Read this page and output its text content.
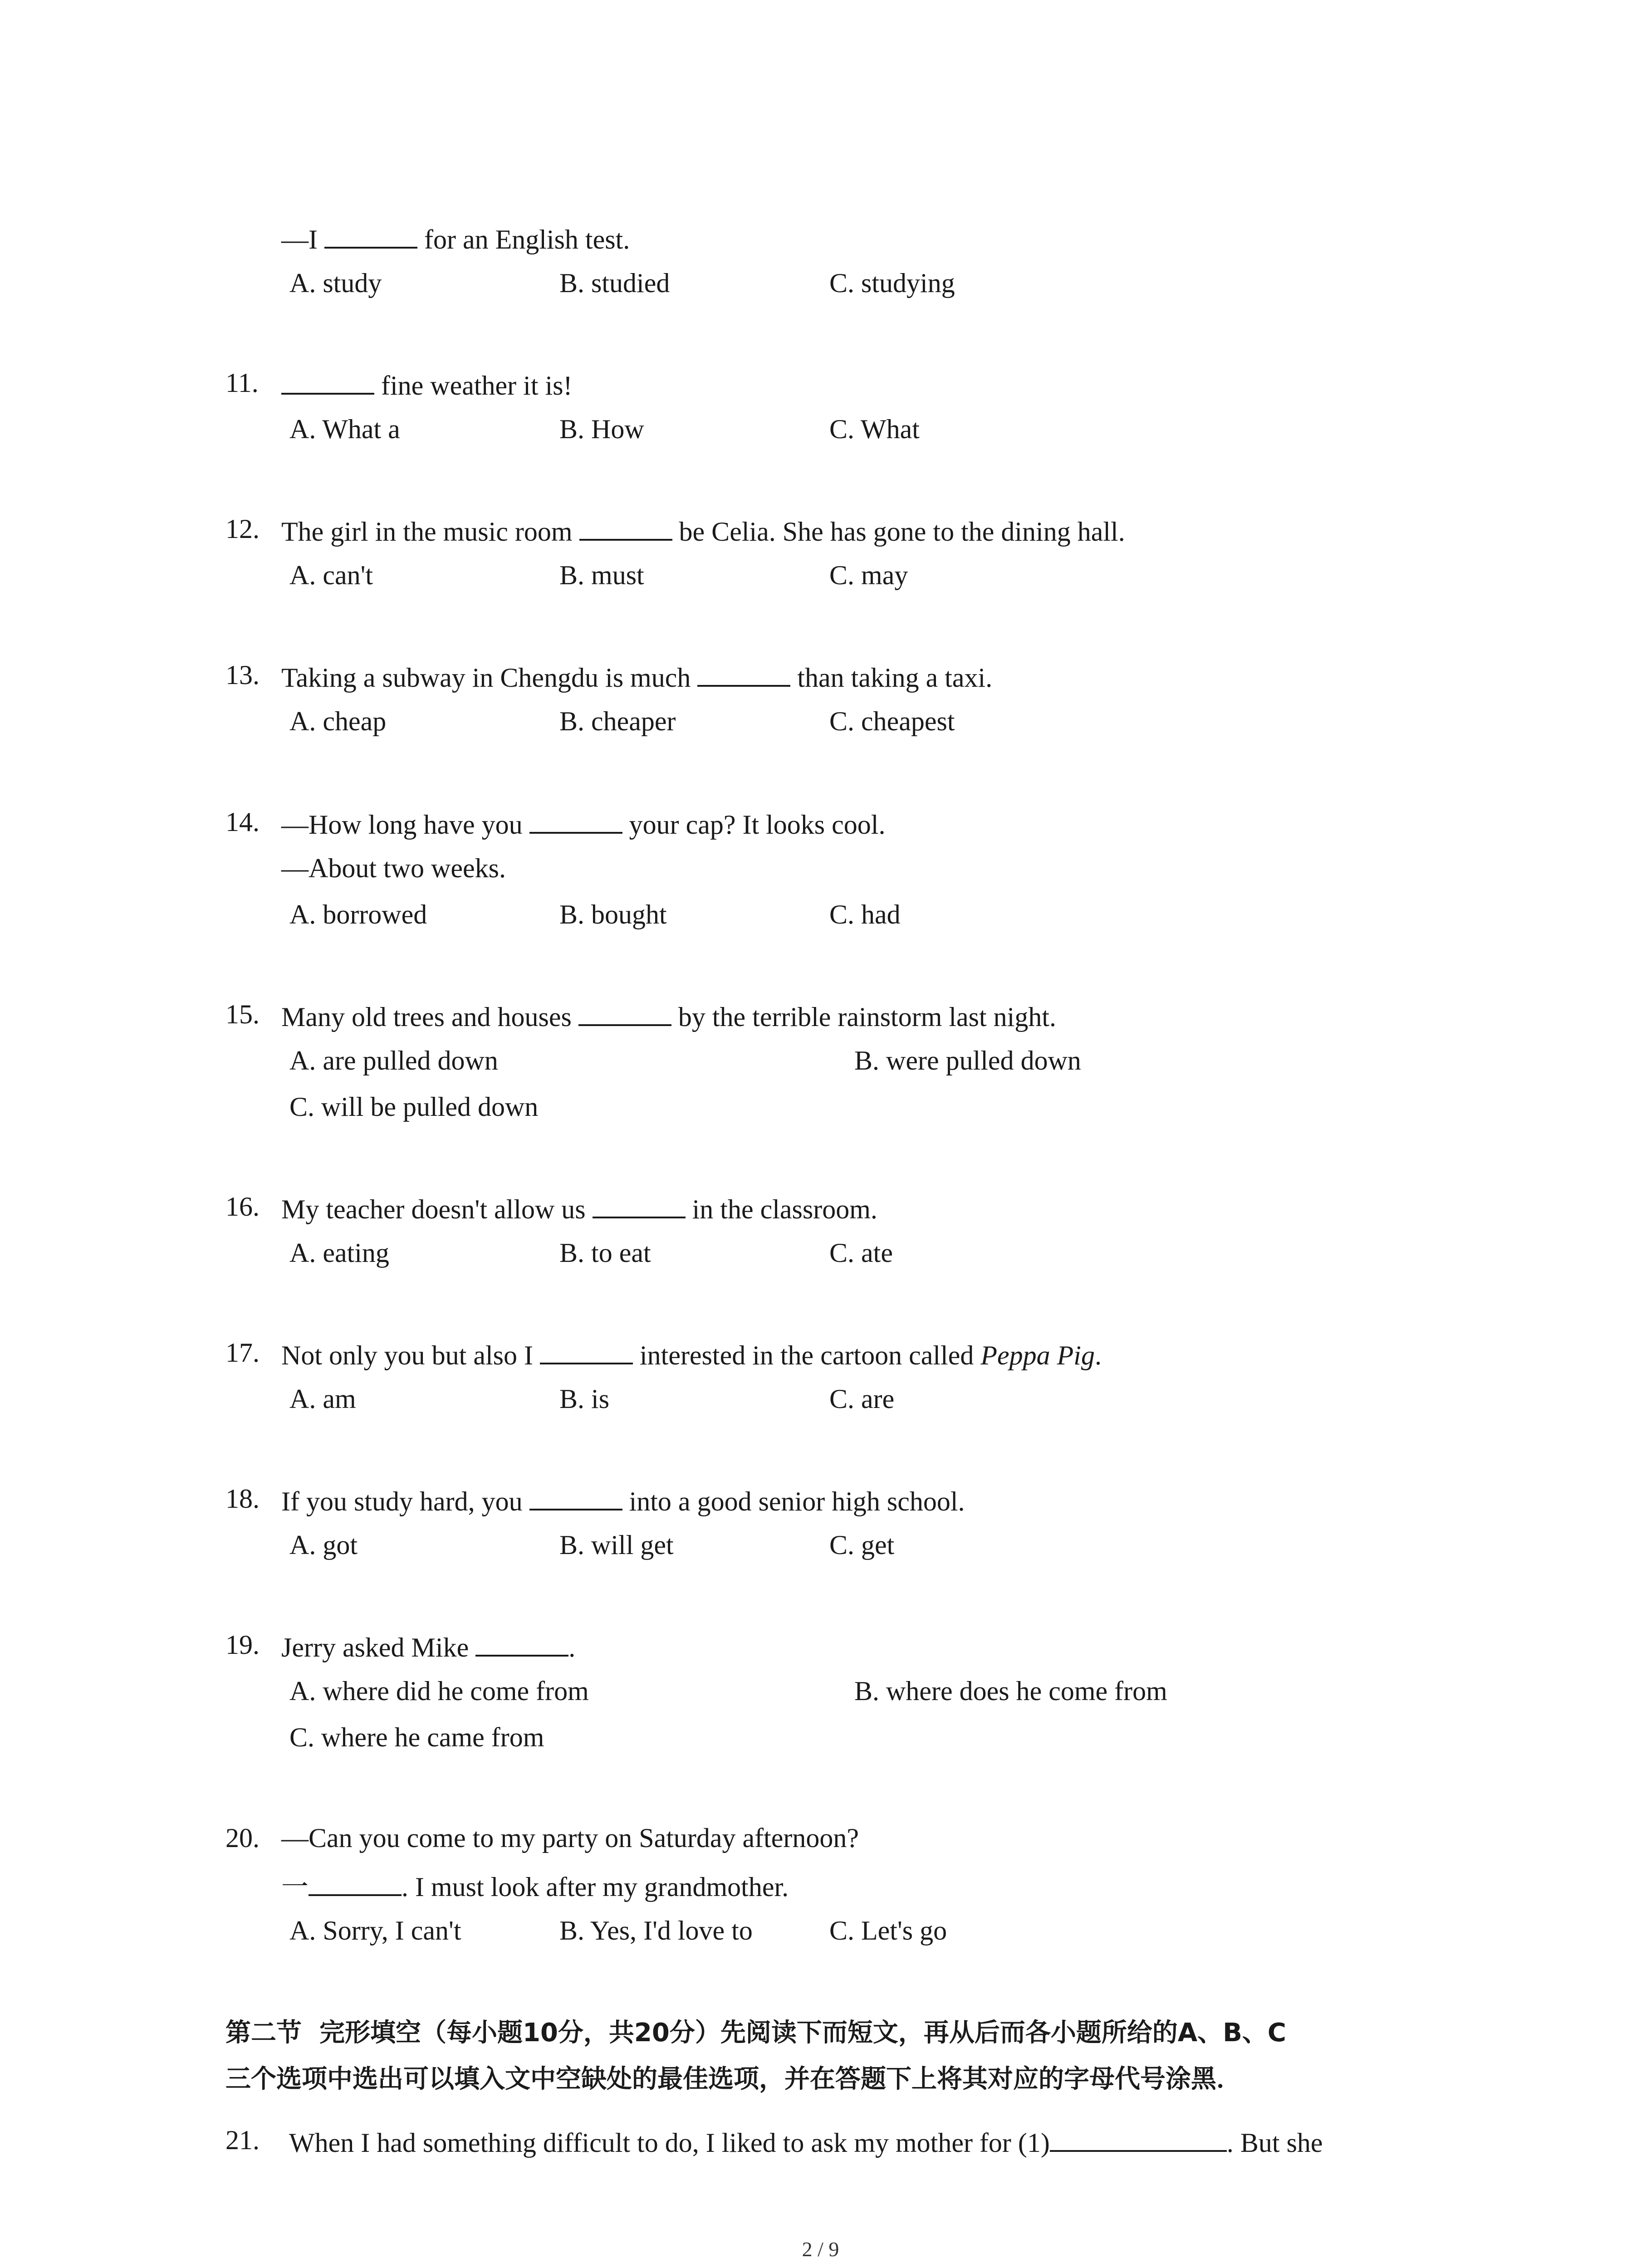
—I	for an English test.
A. study	B. studied	C. studying
11.	fine weather it is!
A. What a	B. How	C. What
12. The girl in the music room	be Celia. She has gone to the dining hall.
A. can't	B. must	C. may
13. Taking a subway in Chengdu is much	than taking a taxi.
A. cheap	B. cheaper	C. cheapest
14. —How long have you	your cap? It looks cool.
—About two weeks.
A. borrowed	B. bought	C. had
15. Many old trees and houses	by the terrible rainstorm last night.
A. are pulled down	B. were pulled down
C. will be pulled down
16. My teacher doesn't allow us	in the classroom.
A. eating	B. to eat	C. ate
17. Not only you but also I	interested in the cartoon called Peppa Pig.
A. am	B. is	C. are
18. If you study hard, you	into a good senior high school.
A. got	B. will get	C. get
19. Jerry asked Mike	.
A. where did he come from	B. where does he come from
C. where he came from
20. —Can you come to my party on Saturday afternoon?
一	. I must look after my grandmother.
A. Sorry, I can't	B. Yes, I'd love to	C. Let's go
第二节  完形填空（每小题10分，共20分）先阅读下而短文，再从后而各小题所给的A、B、C
三个选项中选出可以填入文中空缺处的最佳选项，并在答题下上将其对应的字母代号涂黑．
21. When I had something difficult to do, I liked to ask my mother for (1)	. But she
2 / 9
